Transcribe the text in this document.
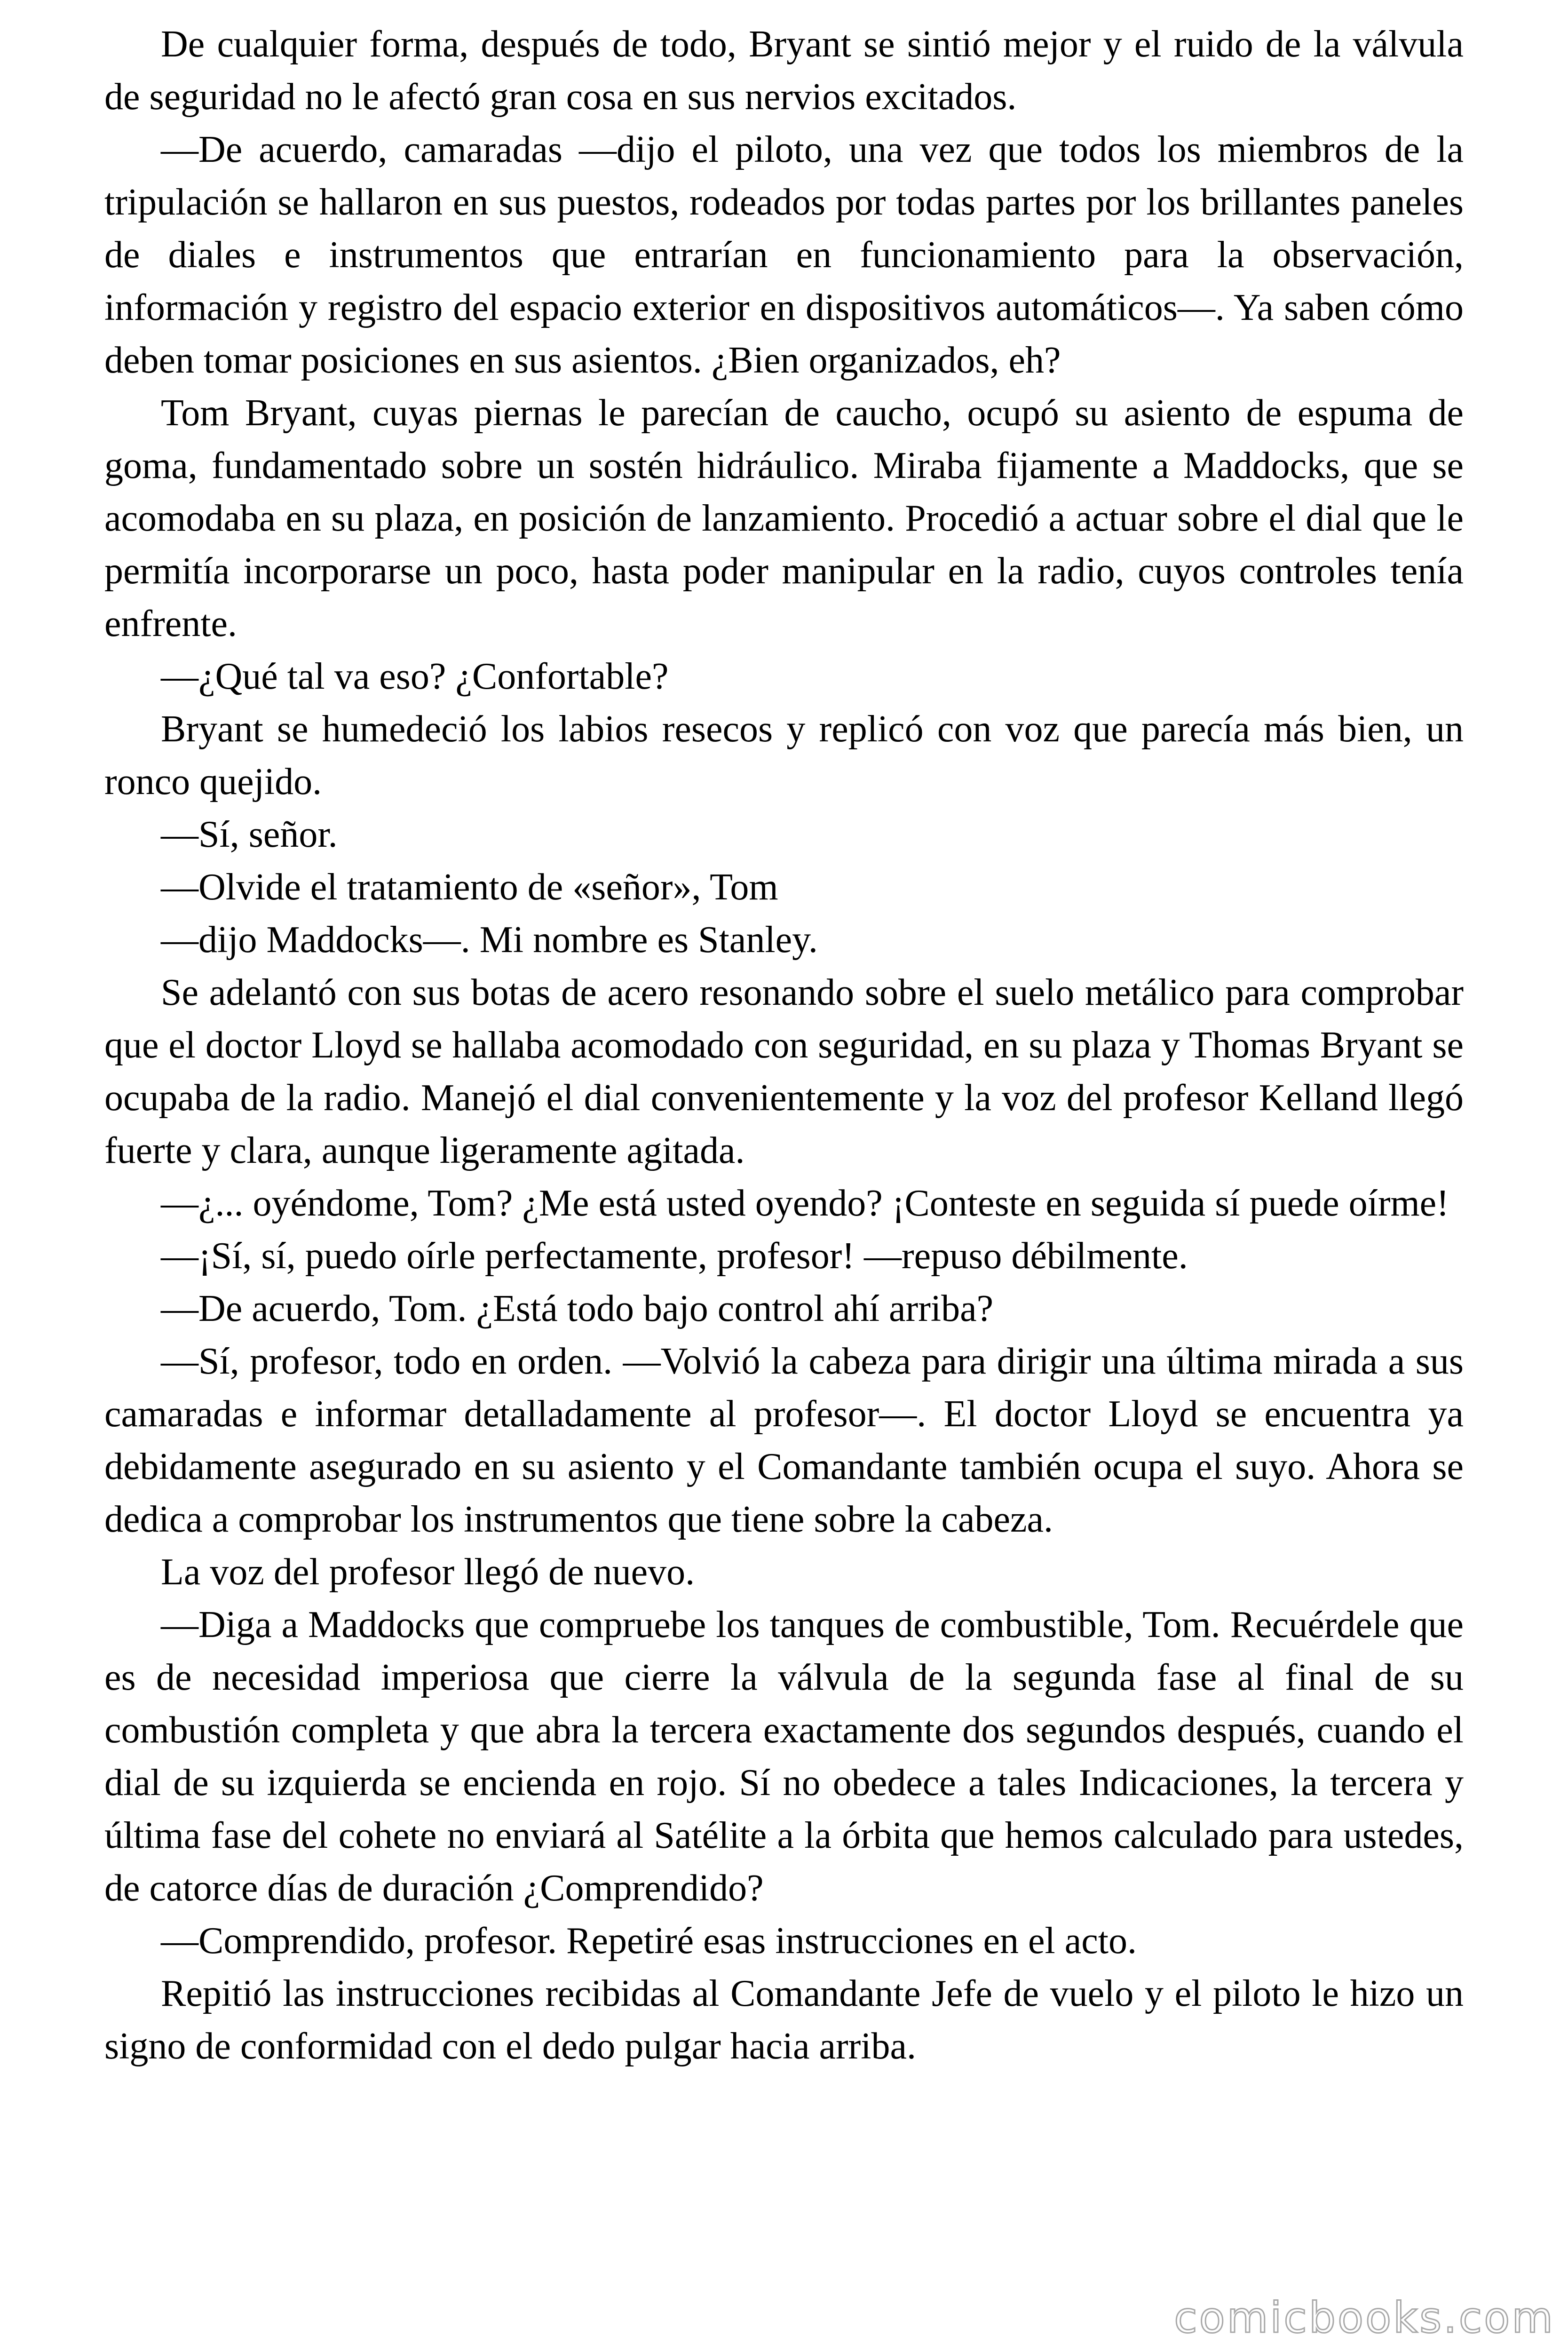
De cualquier forma, después de todo, Bryant se sintió mejor y el ruido de la válvula de seguridad no le afectó gran cosa en sus nervios excitados.

—De acuerdo, camaradas —dijo el piloto, una vez que todos los miembros de la tripulación se hallaron en sus puestos, rodeados por todas partes por los brillantes paneles de diales e instrumentos que entrarían en funcionamiento para la observación, información y registro del espacio exterior en dispositivos automáticos—. Ya saben cómo deben tomar posiciones en sus asientos. ¿Bien organizados, eh?

Tom Bryant, cuyas piernas le parecían de caucho, ocupó su asiento de espuma de goma, fundamentado sobre un sostén hidráulico. Miraba fijamente a Maddocks, que se acomodaba en su plaza, en posición de lanzamiento. Procedió a actuar sobre el dial que le permitía incorporarse un poco, hasta poder manipular en la radio, cuyos controles tenía enfrente.

—¿Qué tal va eso? ¿Confortable?

Bryant se humedeció los labios resecos y replicó con voz que parecía más bien, un ronco quejido.

—Sí, señor.

—Olvide el tratamiento de «señor», Tom

—dijo Maddocks—. Mi nombre es Stanley.

Se adelantó con sus botas de acero resonando sobre el suelo metálico para comprobar que el doctor Lloyd se hallaba acomodado con seguridad, en su plaza y Thomas Bryant se ocupaba de la radio. Manejó el dial convenientemente y la voz del profesor Kelland llegó fuerte y clara, aunque ligeramente agitada.

—¿... oyéndome, Tom? ¿Me está usted oyendo? ¡Conteste en seguida sí puede oírme!

—¡Sí, sí, puedo oírle perfectamente, profesor! —repuso débilmente.

—De acuerdo, Tom. ¿Está todo bajo control ahí arriba?

—Sí, profesor, todo en orden. —Volvió la cabeza para dirigir una última mirada a sus camaradas e informar detalladamente al profesor—. El doctor Lloyd se encuentra ya debidamente asegurado en su asiento y el Comandante también ocupa el suyo. Ahora se dedica a comprobar los instrumentos que tiene sobre la cabeza.

La voz del profesor llegó de nuevo.

—Diga a Maddocks que compruebe los tanques de combustible, Tom. Recuérdele que es de necesidad imperiosa que cierre la válvula de la segunda fase al final de su combustión completa y que abra la tercera exactamente dos segundos después, cuando el dial de su izquierda se encienda en rojo. Sí no obedece a tales Indicaciones, la tercera y última fase del cohete no enviará al Satélite a la órbita que hemos calculado para ustedes, de catorce días de duración ¿Comprendido?

—Comprendido, profesor. Repetiré esas instrucciones en el acto.

Repitió las instrucciones recibidas al Comandante Jefe de vuelo y el piloto le hizo un signo de conformidad con el dedo pulgar hacia arriba.

comicbooks.com
